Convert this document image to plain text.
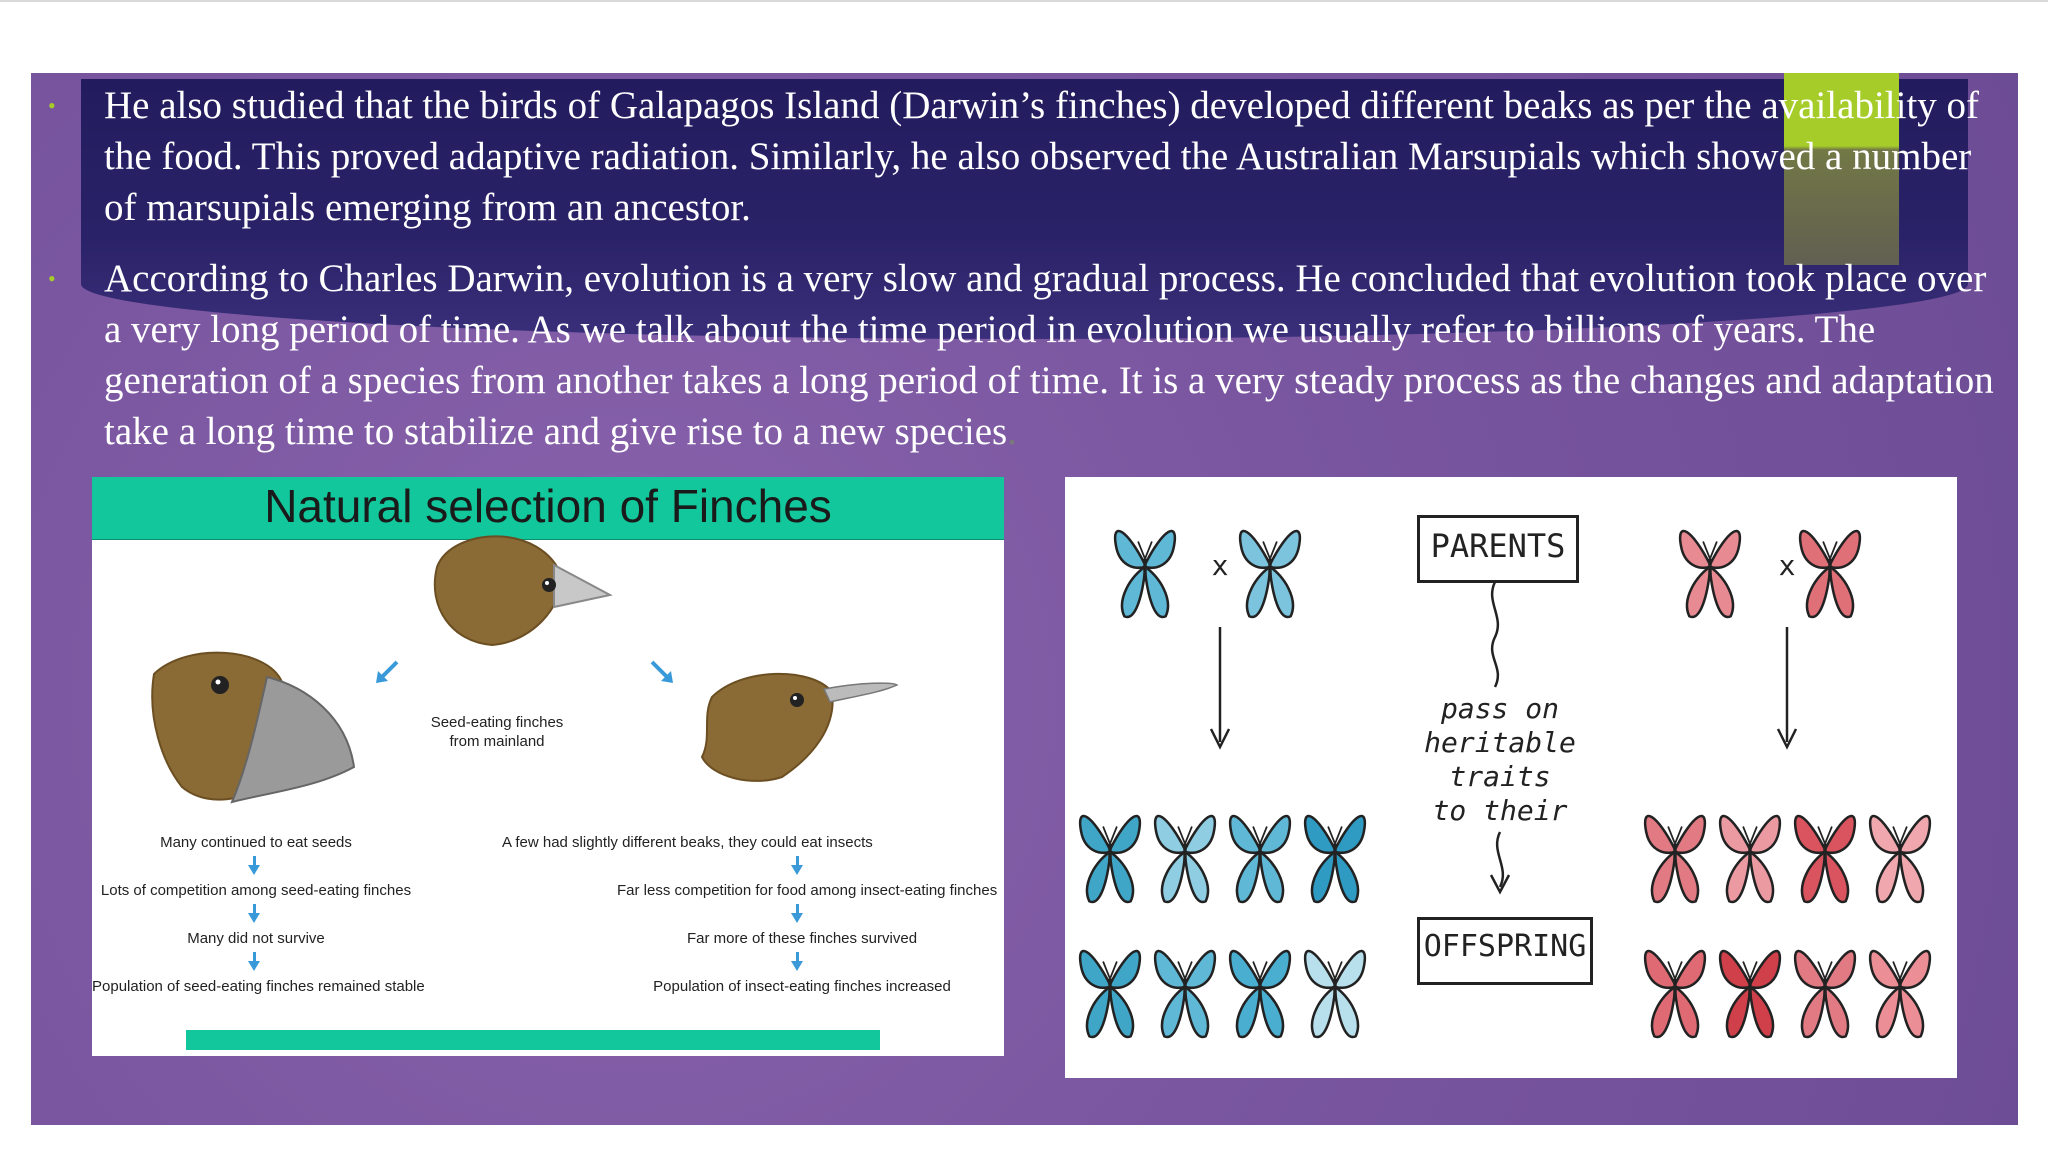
• He also studied that the birds of Galapagos Island (Darwin’s finches) developed different beaks as per the availability of the food. This proved adaptive radiation. Similarly, he also observed the Australian Marsupials which showed a number of marsupials emerging from an ancestor.
• According to Charles Darwin, evolution is a very slow and gradual process. He concluded that evolution took place over a very long period of time. As we talk about the time period in evolution we usually refer to billions of years. The generation of a species from another takes a long period of time. It is a very steady process as the changes and adaptation take a long time to stabilize and give rise to a new species.
Natural selection of Finches
Seed-eating finches
from mainland
Many continued to eat seeds
Lots of competition among seed-eating finches
Many did not survive
Population of seed-eating finches remained stable
A few had slightly different beaks, they could eat insects
Far less competition for food among insect-eating finches
Far more of these finches survived
Population of insect-eating finches increased
x	x
PARENTS
pass on
heritable traits
to their
OFFSPRING
